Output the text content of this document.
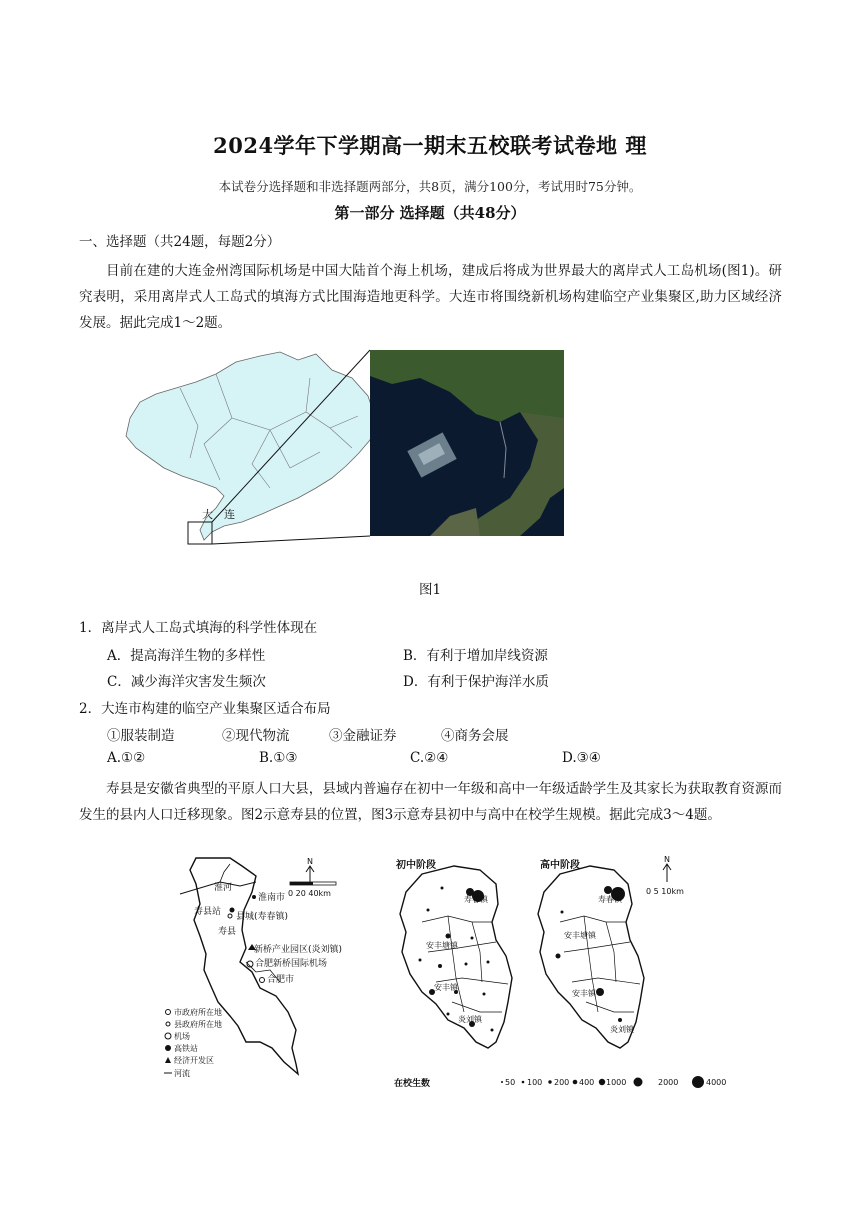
2024学年下学期高一期末五校联考试卷地 理
本试卷分选择题和非选择题两部分，共8页，满分100分，考试用时75分钟。
第一部分 选择题（共48分）
一、选择题（共24题，每题2分）
目前在建的大连金州湾国际机场是中国大陆首个海上机场，建成后将成为世界最大的离岸式人工岛机场(图1)。研究表明，采用离岸式人工岛式的填海方式比围海造地更科学。大连市将围绕新机场构建临空产业集聚区,助力区域经济发展。据此完成1～2题。
大　连
图1
1．离岸式人工岛式填海的科学性体现在
A．提高海洋生物的多样性	B．有利于增加岸线资源
C．减少海洋灾害发生频次	D．有利于保护海洋水质
2．大连市构建的临空产业集聚区适合布局
①服装制造	②现代物流	③金融证券	④商务会展
A.①②	B.①③	C.②④	D.③④
寿县是安徽省典型的平原人口大县，县域内普遍存在初中一年级和高中一年级适龄学生及其家长为获取教育资源而发生的县内人口迁移现象。图2示意寿县的位置，图3示意寿县初中与高中在校学生规模。据此完成3～4题。
N
0 20 40km
淮河
淮南市
寿县站 县城(寿春镇)
寿县
新桥产业园区(炎刘镇)
合肥新桥国际机场
合肥市
市政府所在地
县政府所在地
机场
高铁站
经济开发区
河流
初中阶段	高中阶段
N
0 5 10km
寿春镇
安丰塘镇
安丰镇
炎刘镇
寿春镇
安丰塘镇
安丰镇
炎刘镇
在校生数	50 100 200 400 1000	2000	4000
